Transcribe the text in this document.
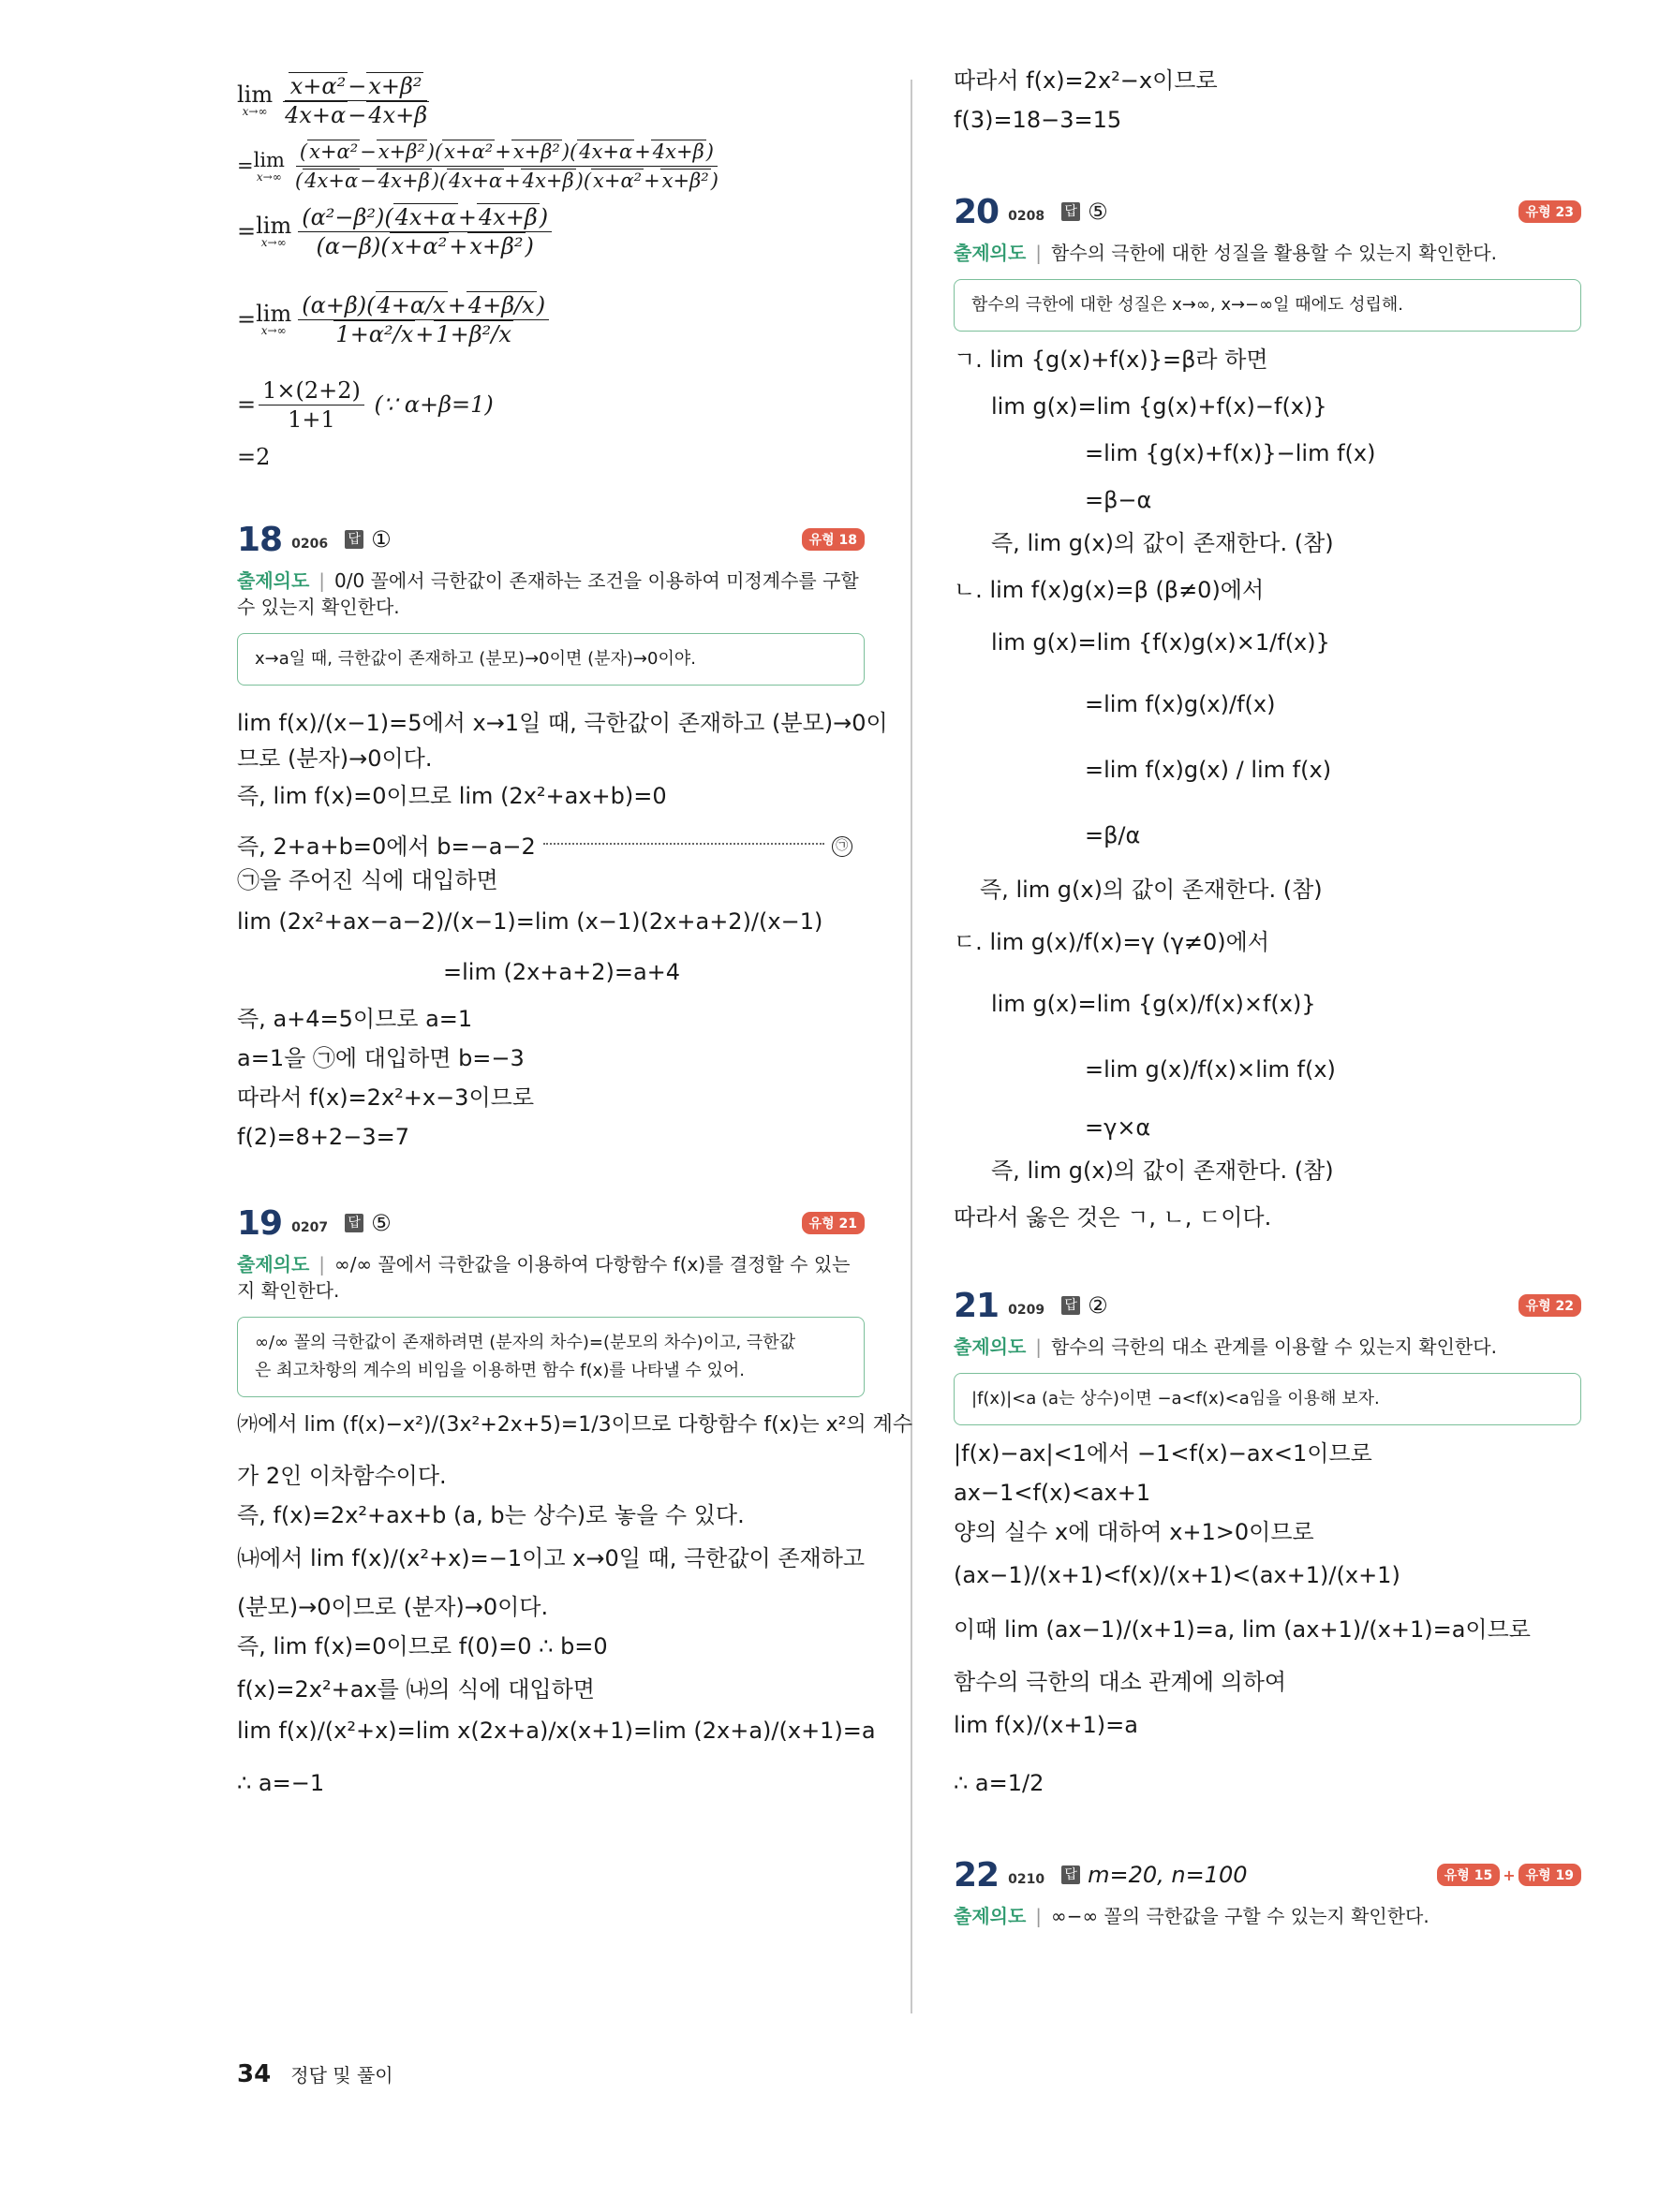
lim
$x\to\infty \frac{\text{x+α²−x+β²}}{4x+\alpha-4x+\beta}$
= lim
$x\to\infty \frac{\text{(x+α²−x+β²)(x+α²+x+β²)(4x+α+4x+β)}}{\text{(4x+α−4x+β)(4x+α+4x+β)(x+α²+x+β²)}}$
= lim
$x\to\infty \frac{\text{(α²−β²)(4x+α+4x+β)}}{\text{(α−β)(x+α²+x+β²)}}$
= lim
$x\to\infty \frac{(\alpha+\beta)(4+\alpha/x+4+\beta/x)}{\text{1+α²/x+1+β²/x}}$
= $\frac{1\times(2+2)}{1+1}$
(∵ α+β=1)
=2
18 0206 답 ①	유형 18
출제의도 | 0/0 꼴에서 극한값이 존재하는 조건을 이용하여 미정계수를 구할 수 있는지 확인한다.
x→a일 때, 극한값이 존재하고 (분모)→0이면 (분자)→0이야.
lim f(x)/(x−1)=5에서 x→1일 때, 극한값이 존재하고 (분모)→0이
므로 (분자)→0이다.
즉, lim f(x)=0이므로 lim (2x²+ax+b)=0
즉, 2+a+b=0에서 b=−a−2	㉠
㉠을 주어진 식에 대입하면
lim (2x²+ax−a−2)/(x−1)=lim (x−1)(2x+a+2)/(x−1)
=lim (2x+a+2)=a+4
즉, a+4=5이므로 a=1
a=1을 ㉠에 대입하면 b=−3
따라서 f(x)=2x²+x−3이므로
f(2)=8+2−3=7
19 0207 답 ⑤	유형 21
출제의도 | ∞/∞ 꼴에서 극한값을 이용하여 다항함수 f(x)를 결정할 수 있는지 확인한다.
∞/∞ 꼴의 극한값이 존재하려면 (분자의 차수)=(분모의 차수)이고, 극한값
은 최고차항의 계수의 비임을 이용하면 함수 f(x)를 나타낼 수 있어.
㈎에서 lim (f(x)−x²)/(3x²+2x+5)=1/3이므로 다항함수 f(x)는 x²의 계수
가 2인 이차함수이다.
즉, f(x)=2x²+ax+b (a, b는 상수)로 놓을 수 있다.
㈏에서 lim f(x)/(x²+x)=−1이고 x→0일 때, 극한값이 존재하고
(분모)→0이므로 (분자)→0이다.
즉, lim f(x)=0이므로 f(0)=0 ∴ b=0
f(x)=2x²+ax를 ㈏의 식에 대입하면
lim f(x)/(x²+x)=lim x(2x+a)/x(x+1)=lim (2x+a)/(x+1)=a
∴ a=−1
따라서 f(x)=2x²−x이므로
f(3)=18−3=15
20 0208 답 ⑤	유형 23
출제의도 | 함수의 극한에 대한 성질을 활용할 수 있는지 확인한다.
함수의 극한에 대한 성질은 x→∞, x→−∞일 때에도 성립해.
ㄱ. lim {g(x)+f(x)}=β라 하면
lim g(x)=lim {g(x)+f(x)−f(x)}
=lim {g(x)+f(x)}−lim f(x)
=β−α
즉, lim g(x)의 값이 존재한다. (참)
ㄴ. lim f(x)g(x)=β (β≠0)에서
lim g(x)=lim {f(x)g(x)×1/f(x)}
=lim f(x)g(x)/f(x)
=lim f(x)g(x) / lim f(x)
=β/α
즉, lim g(x)의 값이 존재한다. (참)
ㄷ. lim g(x)/f(x)=γ (γ≠0)에서
lim g(x)=lim {g(x)/f(x)×f(x)}
=lim g(x)/f(x)×lim f(x)
=γ×α
즉, lim g(x)의 값이 존재한다. (참)
따라서 옳은 것은 ㄱ, ㄴ, ㄷ이다.
21 0209 답 ②	유형 22
출제의도 | 함수의 극한의 대소 관계를 이용할 수 있는지 확인한다.
|f(x)|<a (a는 상수)이면 −a<f(x)<a임을 이용해 보자.
|f(x)−ax|<1에서 −1<f(x)−ax<1이므로
ax−1<f(x)<ax+1
양의 실수 x에 대하여 x+1>0이므로
(ax−1)/(x+1)<f(x)/(x+1)<(ax+1)/(x+1)
이때 lim (ax−1)/(x+1)=a, lim (ax+1)/(x+1)=a이므로
함수의 극한의 대소 관계에 의하여
lim f(x)/(x+1)=a
∴ a=1/2
22 0210 답 m=20, n=100	유형 15 + 유형 19
출제의도 | ∞−∞ 꼴의 극한값을 구할 수 있는지 확인한다.
34 정답 및 풀이
